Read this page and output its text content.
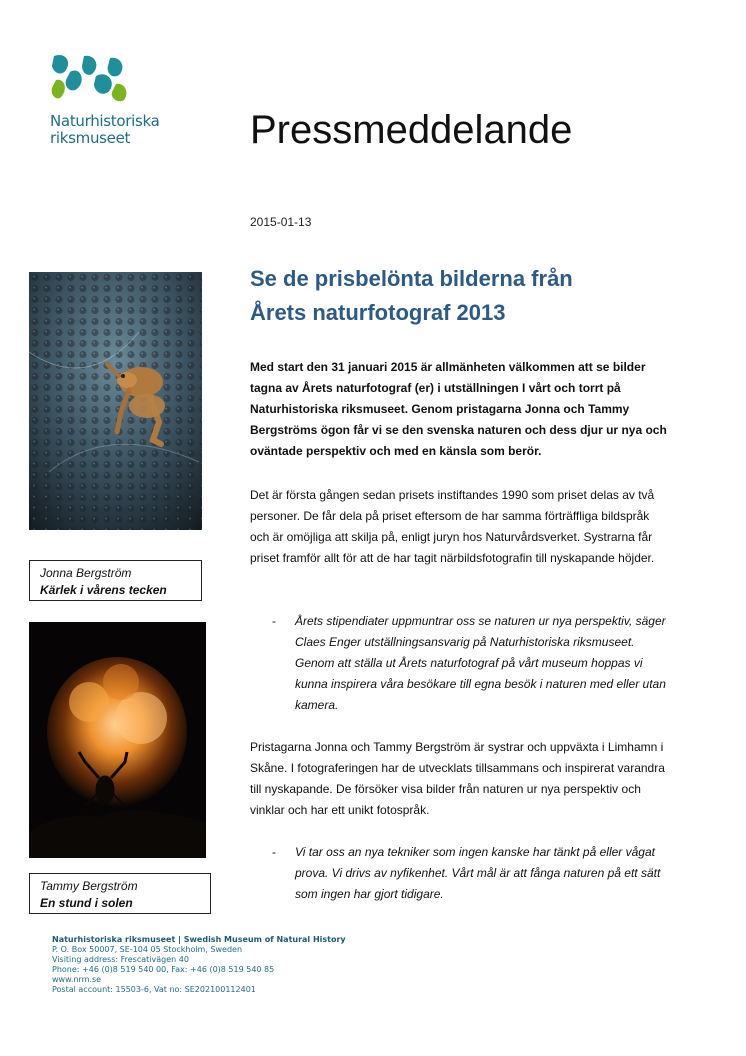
Naturhistoriska
riksmuseet	Pressmeddelande
2015-01-13
Se de prisbelönta bilderna från
Årets naturfotograf 2013

Med start den 31 januari 2015 är allmänheten välkommen att se bilder tagna av Årets naturfotograf (er) i utställningen I vårt och torrt på Naturhistoriska riksmuseet. Genom pristagarna Jonna och Tammy Bergströms ögon får vi se den svenska naturen och dess djur ur nya och oväntade perspektiv och med en känsla som berör.

Det är första gången sedan prisets instiftandes 1990 som priset delas av två personer. De får dela på priset eftersom de har samma förträffliga bildspråk och är omöjliga att skilja på, enligt juryn hos Naturvårdsverket. Systrarna får priset framför allt för att de har tagit närbildsfotografin till nyskapande höjder.

-	Årets stipendiater uppmuntrar oss se naturen ur nya perspektiv, säger Claes Enger utställningsansvarig på Naturhistoriska riksmuseet. Genom att ställa ut Årets naturfotograf på vårt museum hoppas vi kunna inspirera våra besökare till egna besök i naturen med eller utan kamera.

Pristagarna Jonna och Tammy Bergström är systrar och uppväxta i Limhamn i Skåne. I fotograferingen har de utvecklats tillsammans och inspirerat varandra till nyskapande. De försöker visa bilder från naturen ur nya perspektiv och vinklar och har ett unikt fotospråk.

-	Vi tar oss an nya tekniker som ingen kanske har tänkt på eller vågat prova. Vi drivs av nyfikenhet. Vårt mål är att fånga naturen på ett sätt som ingen har gjort tidigare.
Jonna Bergström
Kärlek i vårens tecken
Tammy Bergström
En stund i solen
Naturhistoriska riksmuseet | Swedish Museum of Natural History
P. O. Box 50007, SE-104 05 Stockholm, Sweden
Visiting address: Frescativägen 40
Phone: +46 (0)8 519 540 00, Fax: +46 (0)8 519 540 85
www.nrm.se
Postal account: 15503-6, Vat no: SE202100112401
